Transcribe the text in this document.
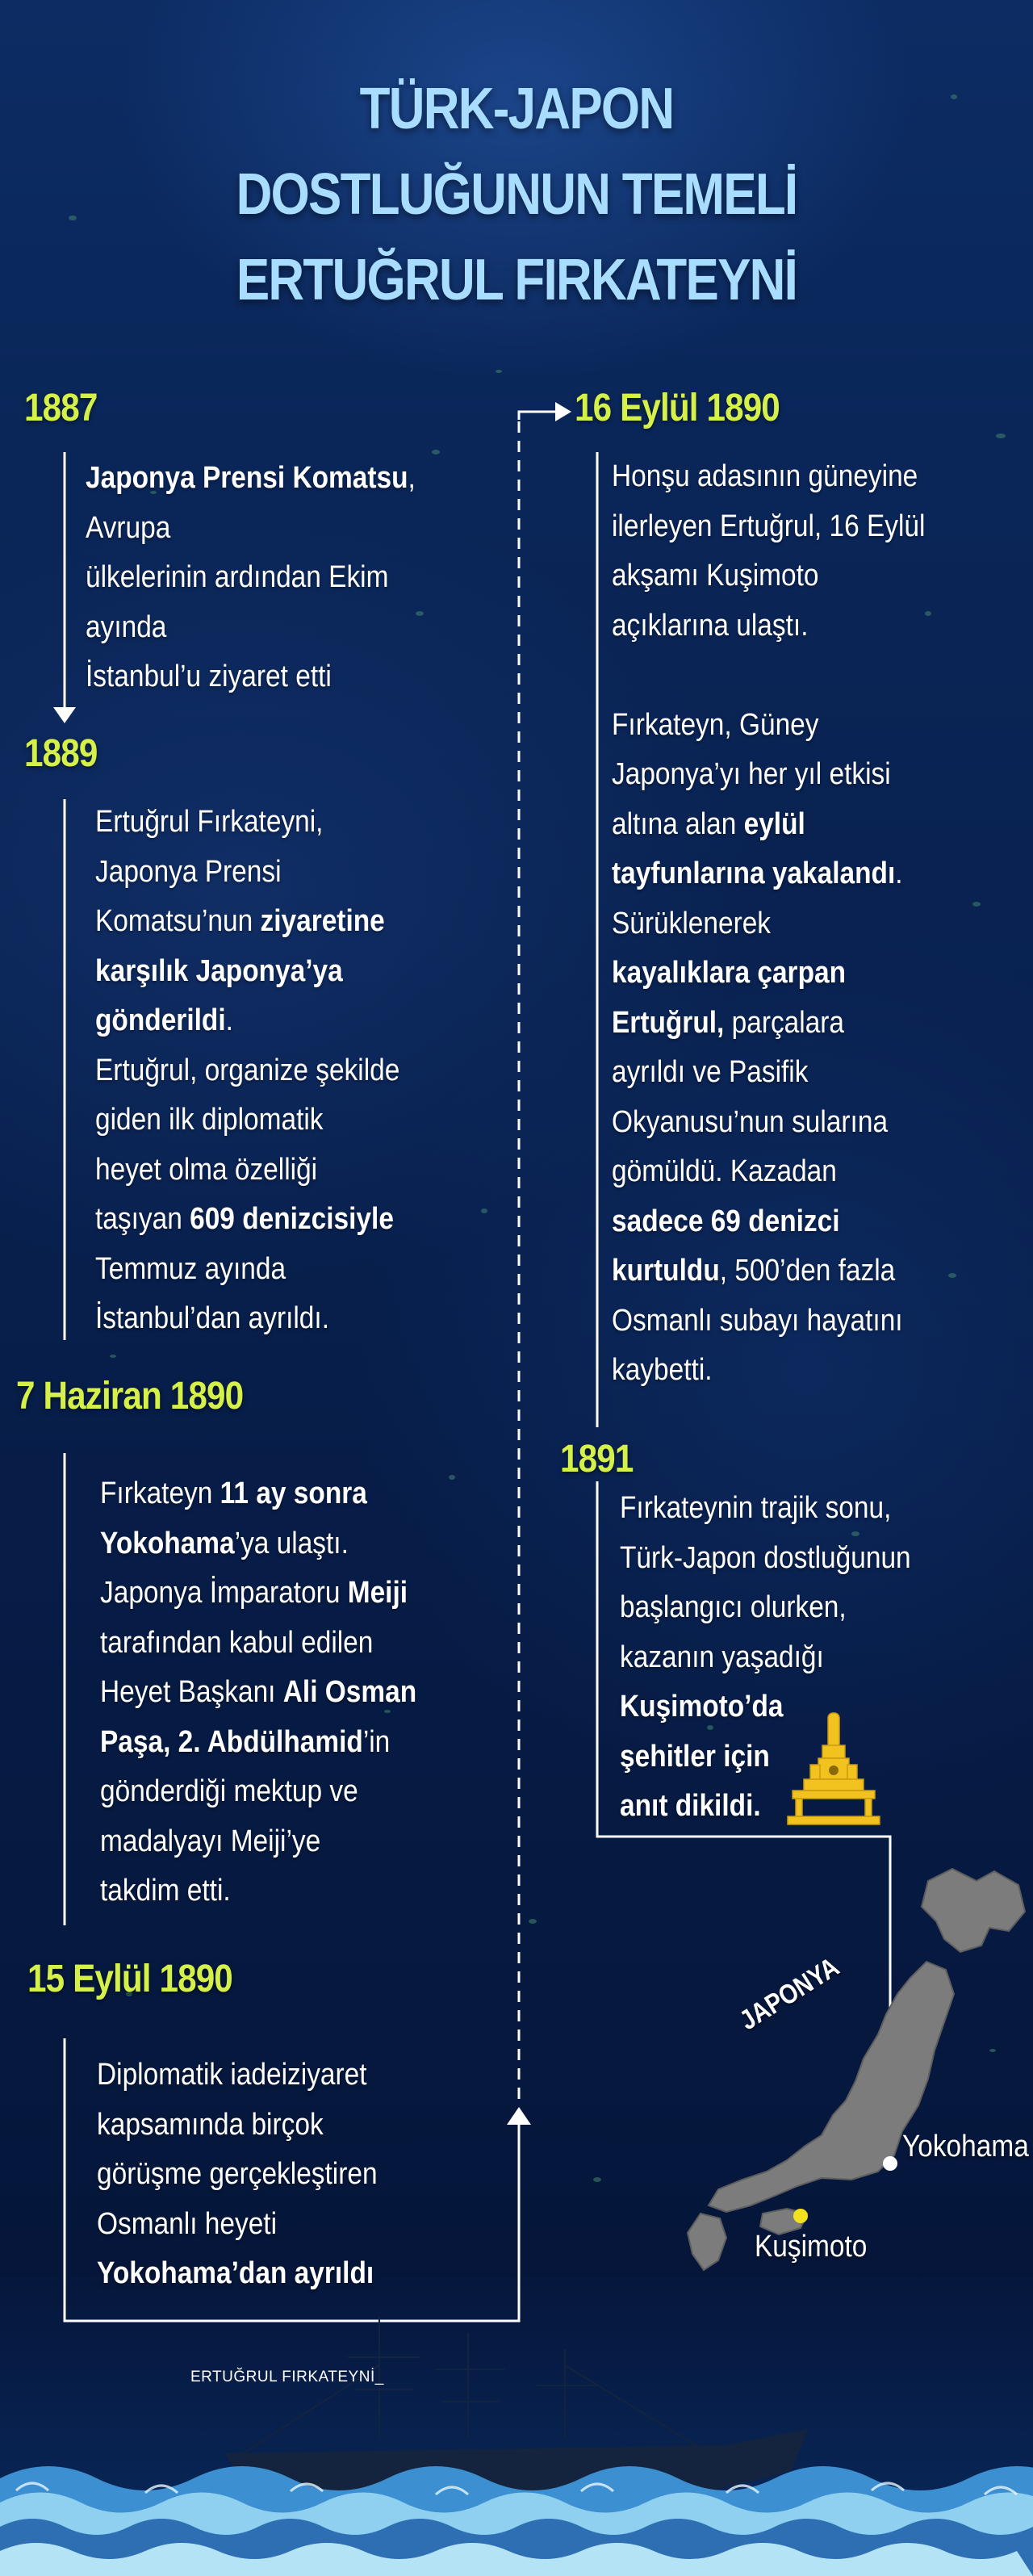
TÜRK-JAPON
DOSTLUĞUNUN TEMELİ
ERTUĞRUL FIRKATEYNİ
JAPONYA
Yokohama
Kuşimoto
ERTUĞRUL FIRKATEYNİ_
1887
Japonya Prensi Komatsu,
Avrupa
ülkelerinin ardından Ekim
ayında
İstanbul’u ziyaret etti
1889
Ertuğrul Fırkateyni,
Japonya Prensi
Komatsu’nun ziyaretine
karşılık Japonya’ya
gönderildi.
Ertuğrul, organize şekilde
giden ilk diplomatik
heyet olma özelliği
taşıyan 609 denizcisiyle
Temmuz ayında
İstanbul’dan ayrıldı.
7 Haziran 1890
Fırkateyn 11 ay sonra
Yokohama’ya ulaştı.
Japonya İmparatoru Meiji
tarafından kabul edilen
Heyet Başkanı Ali Osman
Paşa, 2. Abdülhamid’in
gönderdiği mektup ve
madalyayı Meiji’ye
takdim etti.
15 Eylül 1890
Diplomatik iadeiziyaret
kapsamında birçok
görüşme gerçekleştiren
Osmanlı heyeti
Yokohama’dan ayrıldı
16 Eylül 1890
Honşu adasının güneyine
ilerleyen Ertuğrul, 16 Eylül
akşamı Kuşimoto
açıklarına ulaştı.
Fırkateyn, Güney
Japonya’yı her yıl etkisi
altına alan eylül
tayfunlarına yakalandı.
Sürüklenerek
kayalıklara çarpan
Ertuğrul, parçalara
ayrıldı ve Pasifik
Okyanusu’nun sularına
gömüldü. Kazadan
sadece 69 denizci
kurtuldu, 500’den fazla
Osmanlı subayı hayatını
kaybetti.
1891
Fırkateynin trajik sonu,
Türk-Japon dostluğunun
başlangıcı olurken,
kazanın yaşadığı
Kuşimoto’da
şehitler için
anıt dikildi.
